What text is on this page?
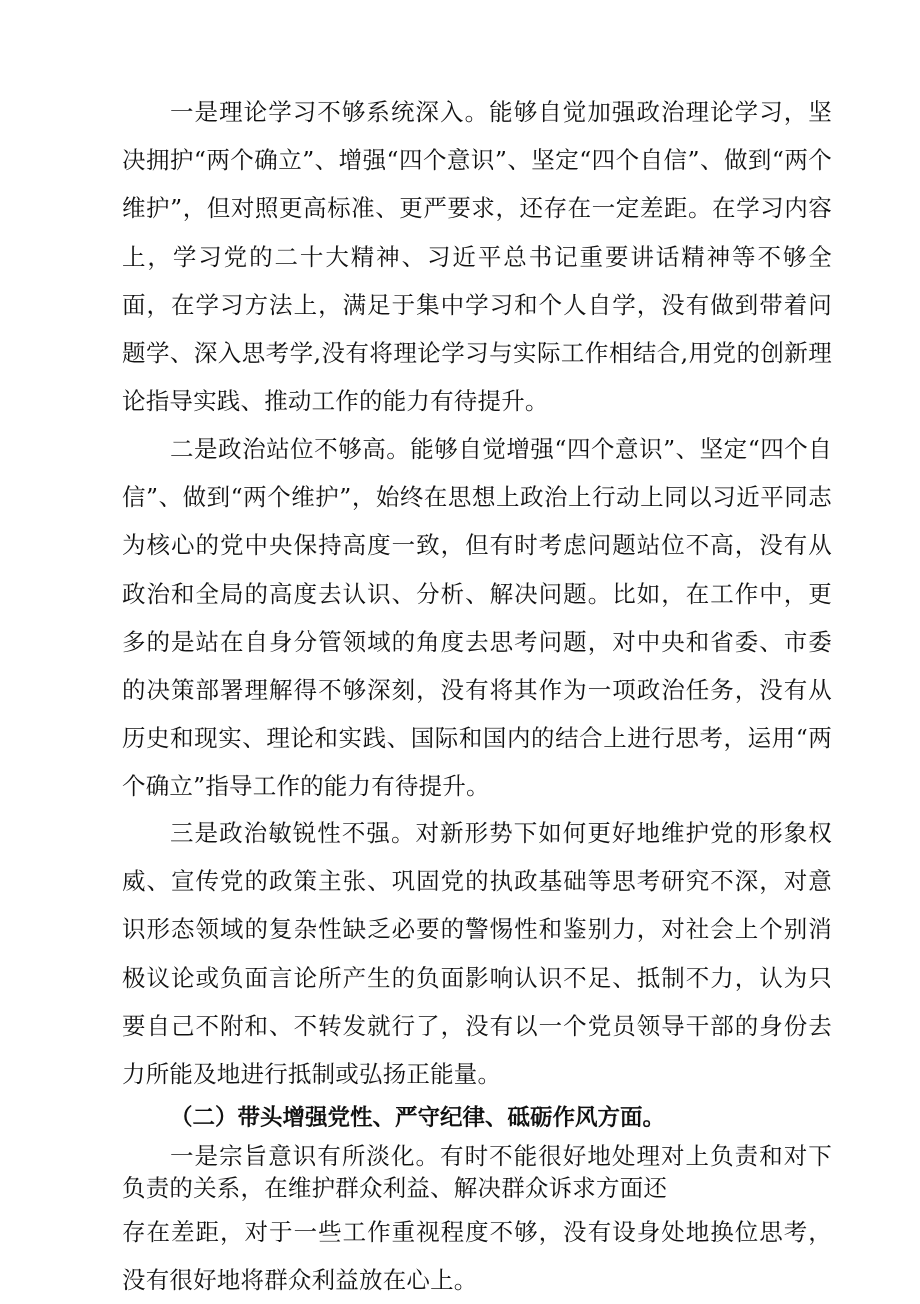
一是理论学习不够系统深入。能够自觉加强政治理论学习，坚决拥护“两个确立”、增强“四个意识”、坚定“四个自信”、做到“两个维护”，但对照更高标准、更严要求，还存在一定差距。在学习内容上，学习党的二十大精神、习近平总书记重要讲话精神等不够全面，在学习方法上，满足于集中学习和个人自学，没有做到带着问题学、深入思考学,没有将理论学习与实际工作相结合,用党的创新理论指导实践、推动工作的能力有待提升。

二是政治站位不够高。能够自觉增强“四个意识”、坚定“四个自信”、做到“两个维护”，始终在思想上政治上行动上同以习近平同志为核心的党中央保持高度一致，但有时考虑问题站位不高，没有从政治和全局的高度去认识、分析、解决问题。比如，在工作中，更多的是站在自身分管领域的角度去思考问题，对中央和省委、市委的决策部署理解得不够深刻，没有将其作为一项政治任务，没有从历史和现实、理论和实践、国际和国内的结合上进行思考，运用“两个确立”指导工作的能力有待提升。

三是政治敏锐性不强。对新形势下如何更好地维护党的形象权威、宣传党的政策主张、巩固党的执政基础等思考研究不深，对意识形态领域的复杂性缺乏必要的警惕性和鉴别力，对社会上个别消极议论或负面言论所产生的负面影响认识不足、抵制不力，认为只要自己不附和、不转发就行了，没有以一个党员领导干部的身份去力所能及地进行抵制或弘扬正能量。

（二）带头增强党性、严守纪律、砥砺作风方面。

一是宗旨意识有所淡化。有时不能很好地处理对上负责和对下负责的关系，在维护群众利益、解决群众诉求方面还

存在差距，对于一些工作重视程度不够，没有设身处地换位思考，没有很好地将群众利益放在心上。
